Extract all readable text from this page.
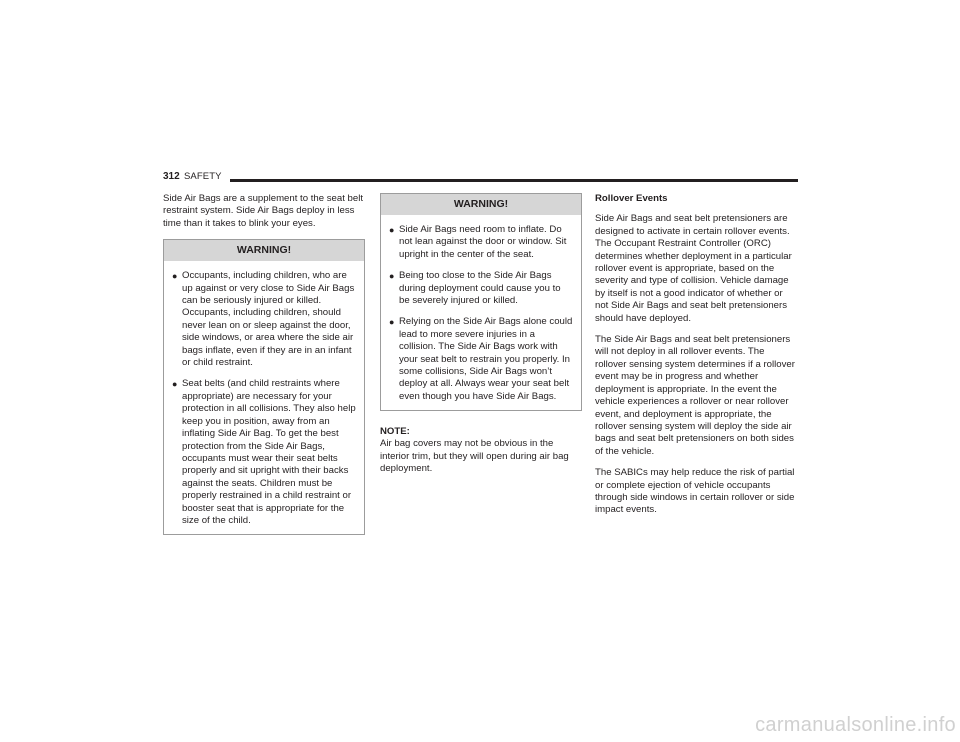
312 SAFETY

Side Air Bags are a supplement to the seat belt restraint system. Side Air Bags deploy in less time than it takes to blink your eyes.

WARNING!
● Occupants, including children, who are up against or very close to Side Air Bags can be seriously injured or killed. Occupants, including children, should never lean on or sleep against the door, side windows, or area where the side air bags inflate, even if they are in an infant or child restraint.
● Seat belts (and child restraints where appropriate) are necessary for your protection in all collisions. They also help keep you in position, away from an inflating Side Air Bag. To get the best protection from the Side Air Bags, occupants must wear their seat belts properly and sit upright with their backs against the seats. Children must be properly restrained in a child restraint or booster seat that is appropriate for the size of the child.
WARNING!
● Side Air Bags need room to inflate. Do not lean against the door or window. Sit upright in the center of the seat.
● Being too close to the Side Air Bags during deployment could cause you to be severely injured or killed.
● Relying on the Side Air Bags alone could lead to more severe injuries in a collision. The Side Air Bags work with your seat belt to restrain you properly. In some collisions, Side Air Bags won’t deploy at all. Always wear your seat belt even though you have Side Air Bags.
NOTE:

Air bag covers may not be obvious in the interior trim, but they will open during air bag deployment.

Rollover Events

Side Air Bags and seat belt pretensioners are designed to activate in certain rollover events. The Occupant Restraint Controller (ORC) determines whether deployment in a particular rollover event is appropriate, based on the severity and type of collision. Vehicle damage by itself is not a good indicator of whether or not Side Air Bags and seat belt pretensioners should have deployed.

The Side Air Bags and seat belt pretensioners will not deploy in all rollover events. The rollover sensing system determines if a rollover event may be in progress and whether deployment is appropriate. In the event the vehicle experiences a rollover or near rollover event, and deployment is appropriate, the rollover sensing system will deploy the side air bags and seat belt pretensioners on both sides of the vehicle.

The SABICs may help reduce the risk of partial or complete ejection of vehicle occupants through side windows in certain rollover or side impact events.

carmanualsonline.info
